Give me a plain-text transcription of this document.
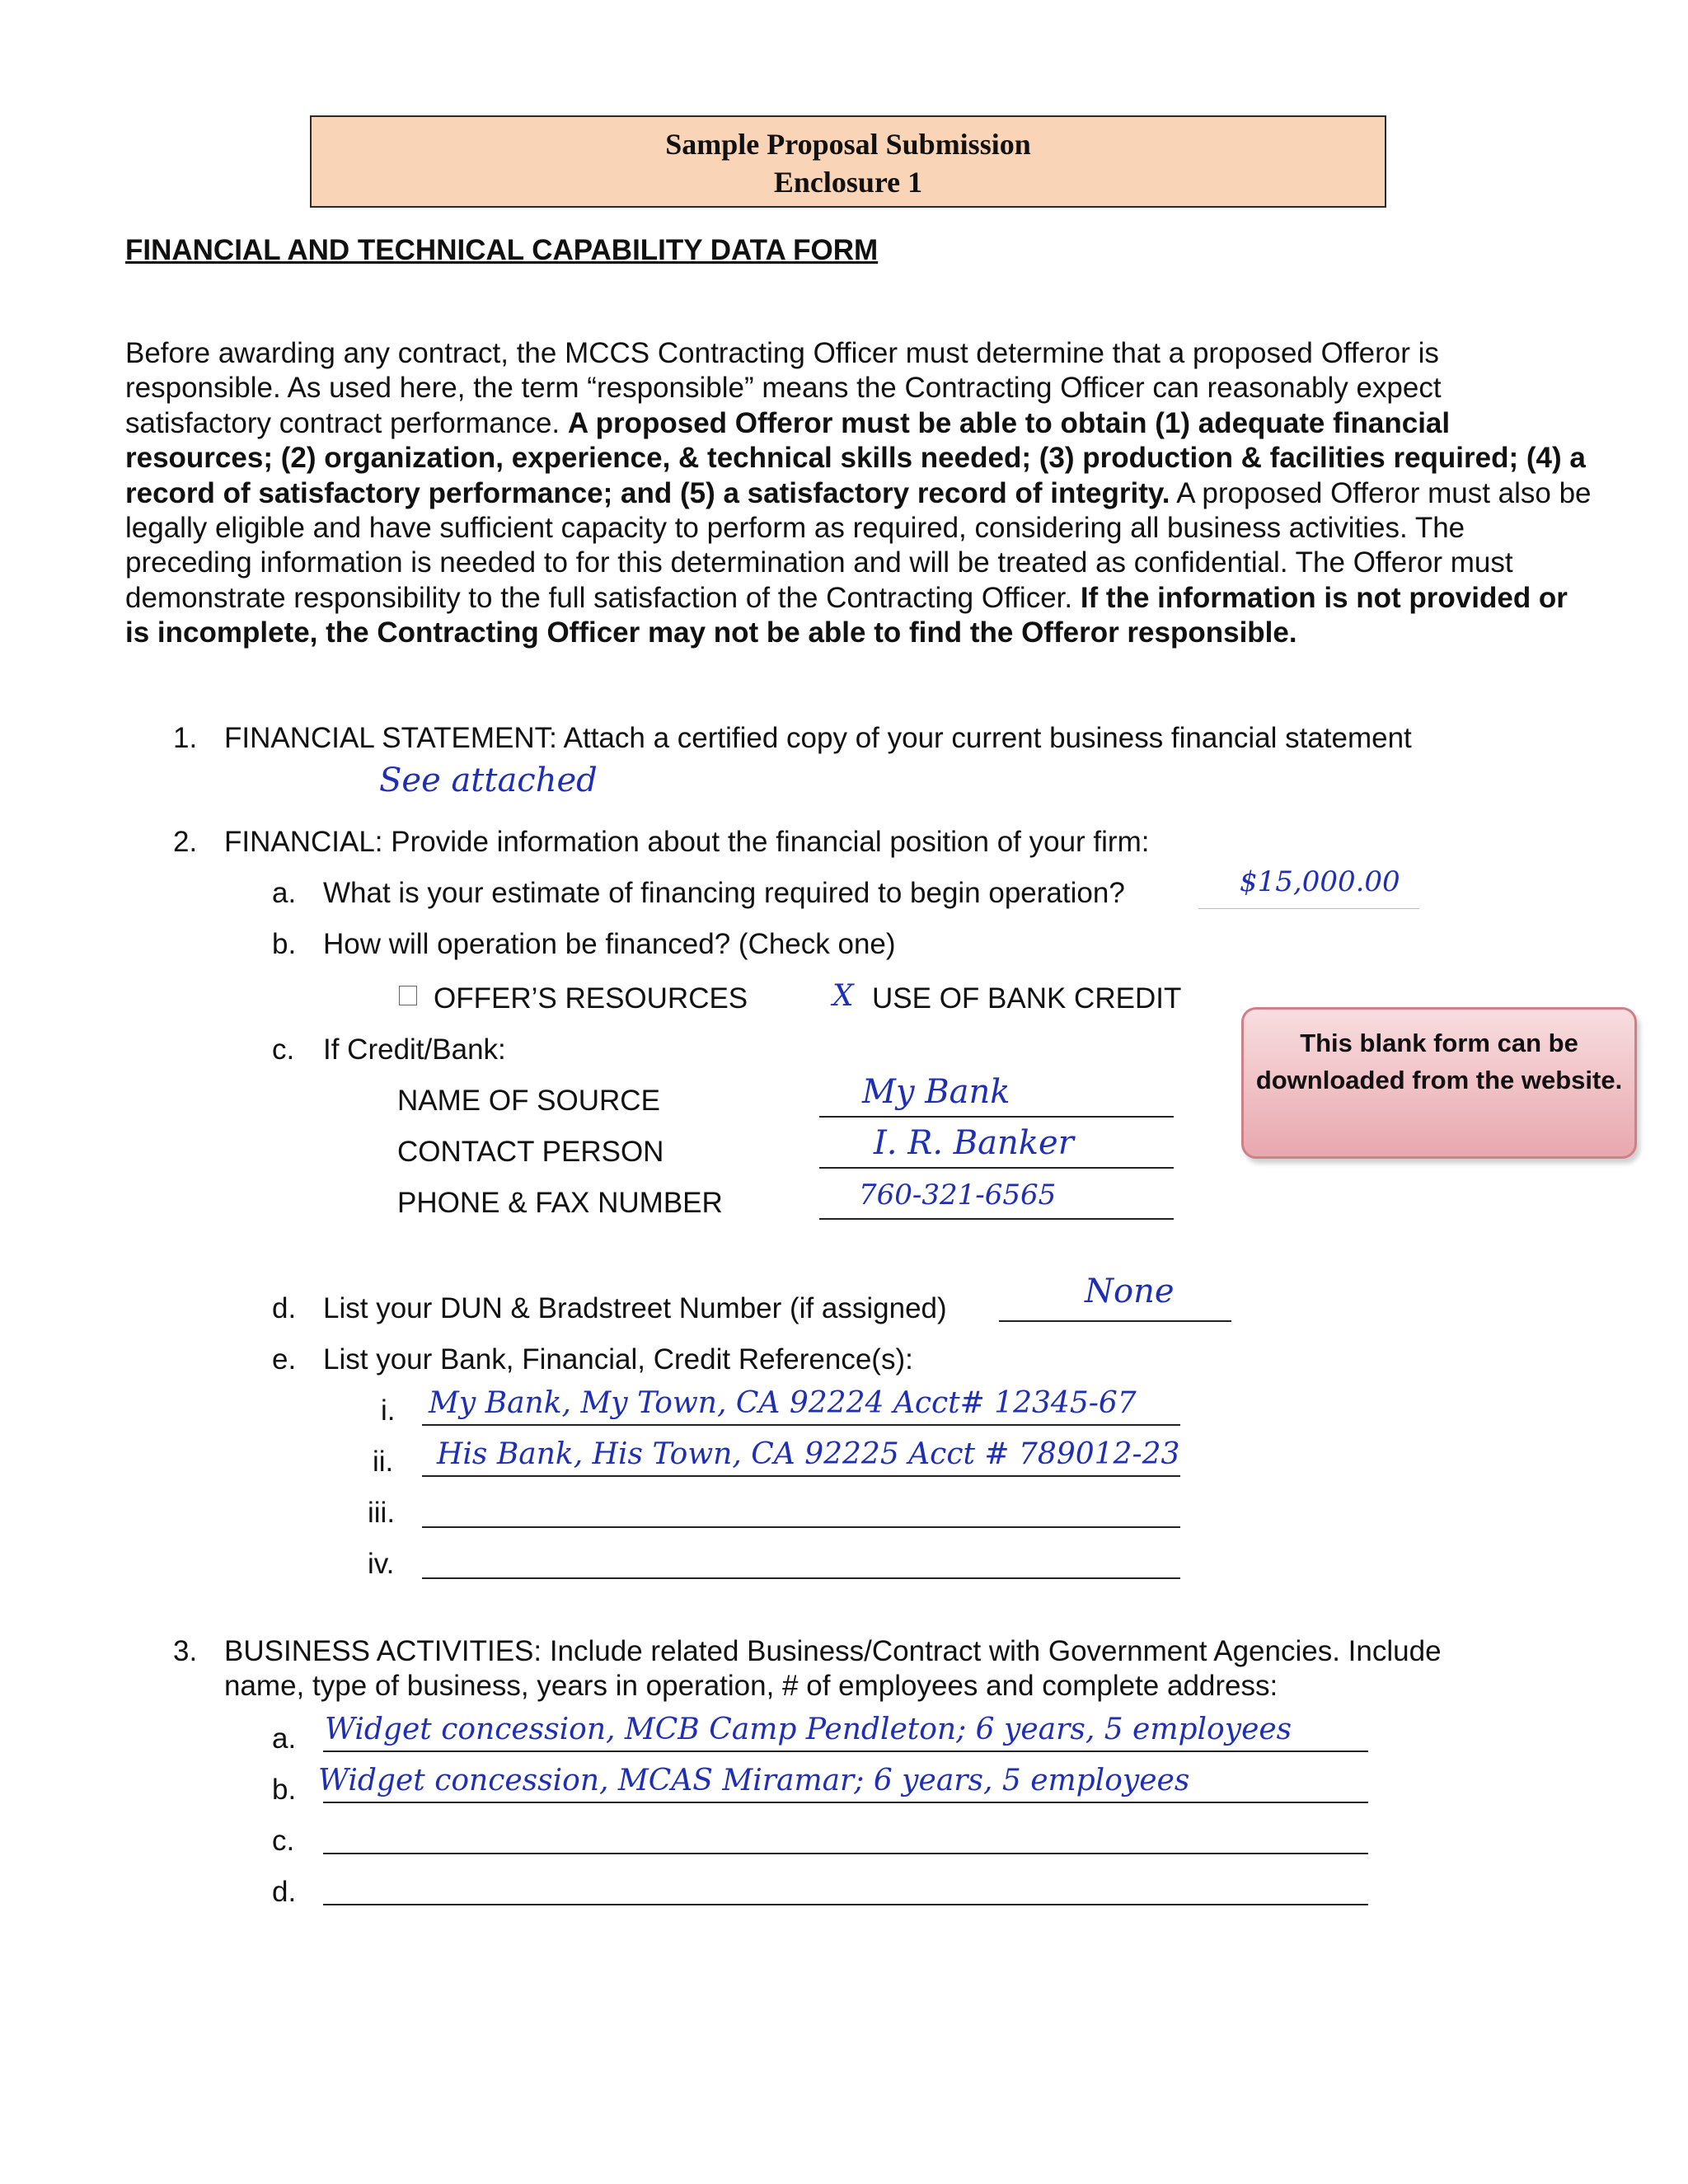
Sample Proposal Submission
Enclosure 1
FINANCIAL AND TECHNICAL CAPABILITY DATA FORM
Before awarding any contract, the MCCS Contracting Officer must determine that a proposed Offeror is responsible. As used here, the term “responsible” means the Contracting Officer can reasonably expect satisfactory contract performance. A proposed Offeror must be able to obtain (1) adequate financial resources; (2) organization, experience, & technical skills needed; (3) production & facilities required; (4) a record of satisfactory performance; and (5) a satisfactory record of integrity. A proposed Offeror must also be legally eligible and have sufficient capacity to perform as required, considering all business activities. The preceding information is needed to for this determination and will be treated as confidential. The Offeror must demonstrate responsibility to the full satisfaction of the Contracting Officer. If the information is not provided or is incomplete, the Contracting Officer may not be able to find the Offeror responsible.
1. FINANCIAL STATEMENT: Attach a certified copy of your current business financial statement
See attached
2. FINANCIAL: Provide information about the financial position of your firm:
a. What is your estimate of financing required to begin operation?	$15,000.00
b. How will operation be financed? (Check one)
OFFER’S RESOURCES	X USE OF BANK CREDIT
c. If Credit/Bank:
NAME OF SOURCE	My Bank
CONTACT PERSON	I. R. Banker
PHONE & FAX NUMBER	760-321-6565
This blank form can be downloaded from the website.
d. List your DUN & Bradstreet Number (if assigned)	None
e. List your Bank, Financial, Credit Reference(s):
i. My Bank, My Town, CA 92224 Acct# 12345-67
ii. His Bank, His Town, CA 92225 Acct # 789012-23
iii.
iv.
3. BUSINESS ACTIVITIES: Include related Business/Contract with Government Agencies. Include
name, type of business, years in operation, # of employees and complete address:
a. Widget concession, MCB Camp Pendleton; 6 years, 5 employees
b. Widget concession, MCAS Miramar; 6 years, 5 employees
c.
d.
